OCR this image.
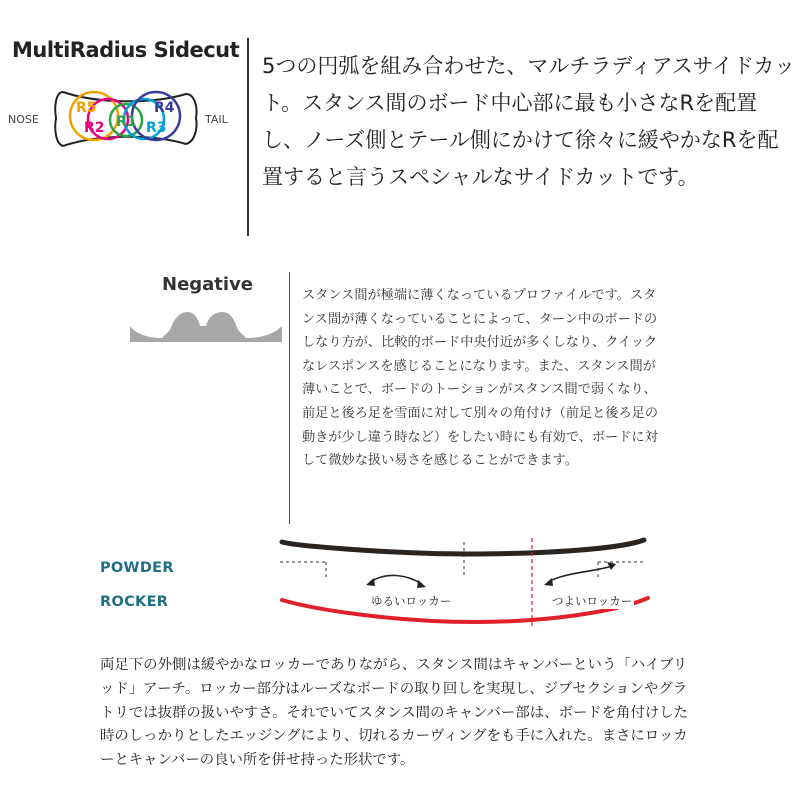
MultiRadius Sidecut
NOSE	TAIL
R5
R2 R1
R4
R3
5つの円弧を組み合わせた、マルチラディアスサイドカット。スタンス間のボード中心部に最も小さなRを配置し、ノーズ側とテール側にかけて徐々に緩やかなRを配置すると言うスペシャルなサイドカットです。
Negative
スタンス間が極端に薄くなっているプロファイルです。スタンス間が薄くなっていることによって、ターン中のボードのしなり方が、比較的ボード中央付近が多くしなり、クイックなレスポンスを感じることになります。また、スタンス間が薄いことで、ボードのトーションがスタンス間で弱くなり、前足と後ろ足を雪面に対して別々の角付け（前足と後ろ足の動きが少し違う時など）をしたい時にも有効で、ボードに対して微妙な扱い易さを感じることができます。
POWDER
ROCKER	ゆるいロッカー	つよいロッカー
両足下の外側は緩やかなロッカーでありながら、スタンス間はキャンバーという「ハイブリッド」アーチ。ロッカー部分はルーズなボードの取り回しを実現し、ジブセクションやグラトリでは抜群の扱いやすさ。それでいてスタンス間のキャンバー部は、ボードを角付けした時のしっかりとしたエッジングにより、切れるカーヴィングをも手に入れた。まさにロッカーとキャンバーの良い所を併せ持った形状です。
